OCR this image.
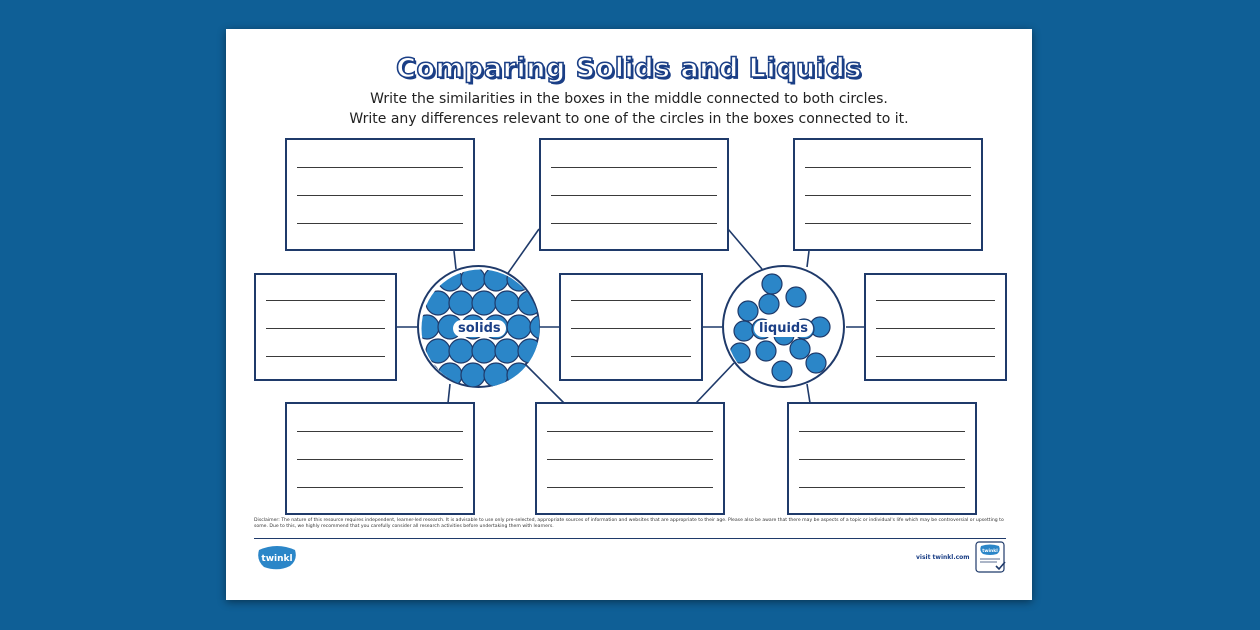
Comparing Solids and Liquids
Write the similarities in the boxes in the middle connected to both circles.
Write any differences relevant to one of the circles in the boxes connected to it.
solids	liquids
Disclaimer: The nature of this resource requires independent, learner-led research. It is advisable to use only pre-selected, appropriate sources of information and websites that are appropriate to their age. Please also be aware that there may be aspects of a topic or individual's life which may be controversial or upsetting to some. Due to this, we highly recommend that you carefully consider all research activities before undertaking them with learners.
twinkl	visit twinkl.com
twinkl
